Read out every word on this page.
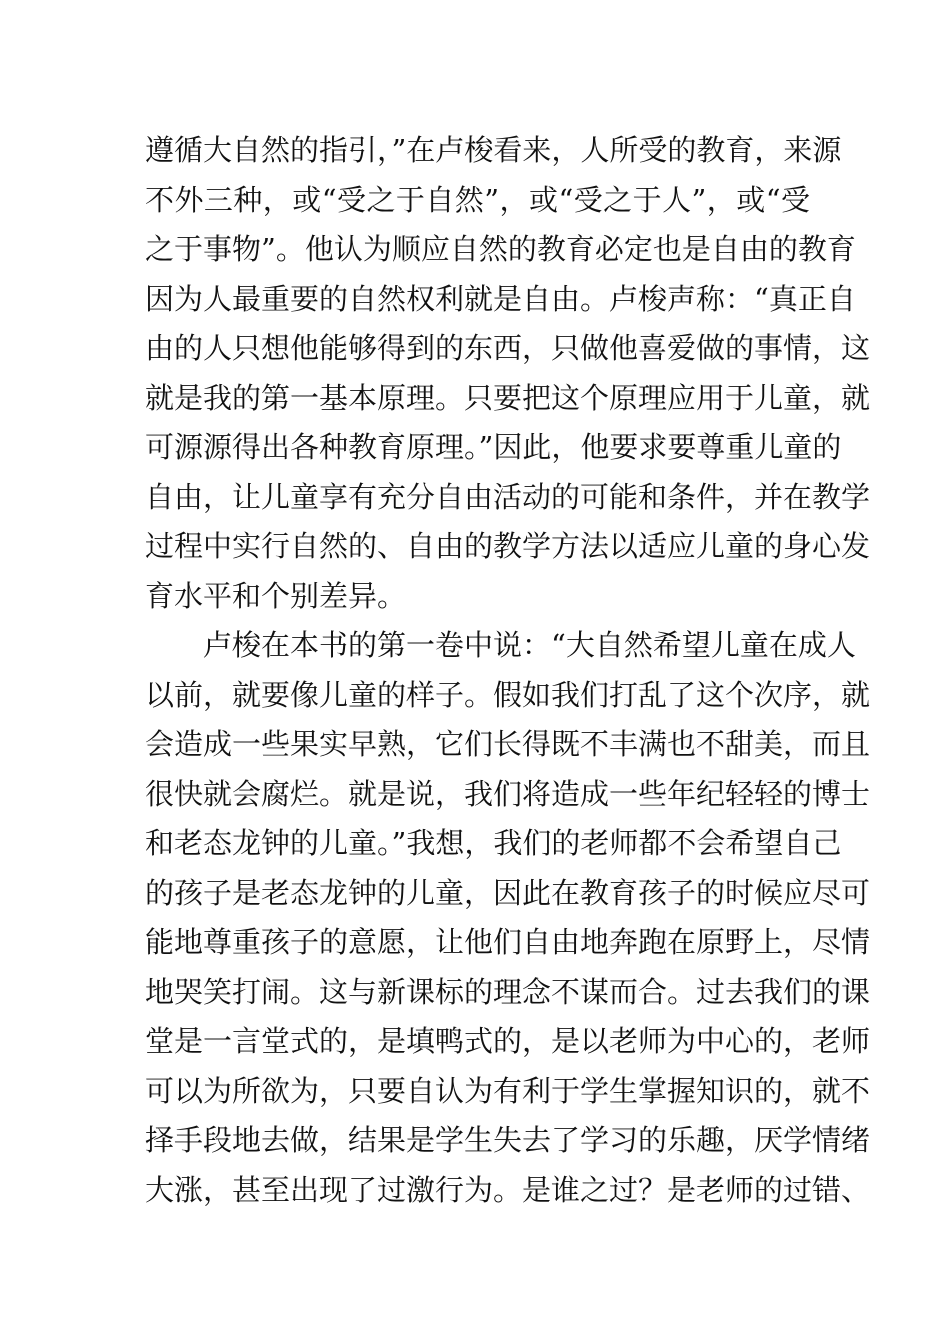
遵循大自然的指引，”在卢梭看来，人所受的教育，来源
不外三种，或“受之于自然”，或“受之于人”，或“受
之于事物”。他认为顺应自然的教育必定也是自由的教育
因为人最重要的自然权利就是自由。卢梭声称：“真正自
由的人只想他能够得到的东西，只做他喜爱做的事情，这
就是我的第一基本原理。只要把这个原理应用于儿童，就
可源源得出各种教育原理。”因此，他要求要尊重儿童的
自由，让儿童享有充分自由活动的可能和条件，并在教学
过程中实行自然的、自由的教学方法以适应儿童的身心发
育水平和个别差异。
卢梭在本书的第一卷中说：“大自然希望儿童在成人
以前，就要像儿童的样子。假如我们打乱了这个次序，就
会造成一些果实早熟，它们长得既不丰满也不甜美，而且
很快就会腐烂。就是说，我们将造成一些年纪轻轻的博士
和老态龙钟的儿童。”我想，我们的老师都不会希望自己
的孩子是老态龙钟的儿童，因此在教育孩子的时候应尽可
能地尊重孩子的意愿，让他们自由地奔跑在原野上，尽情
地哭笑打闹。这与新课标的理念不谋而合。过去我们的课
堂是一言堂式的，是填鸭式的，是以老师为中心的，老师
可以为所欲为，只要自认为有利于学生掌握知识的，就不
择手段地去做，结果是学生失去了学习的乐趣，厌学情绪
大涨，甚至出现了过激行为。是谁之过？是老师的过错、
